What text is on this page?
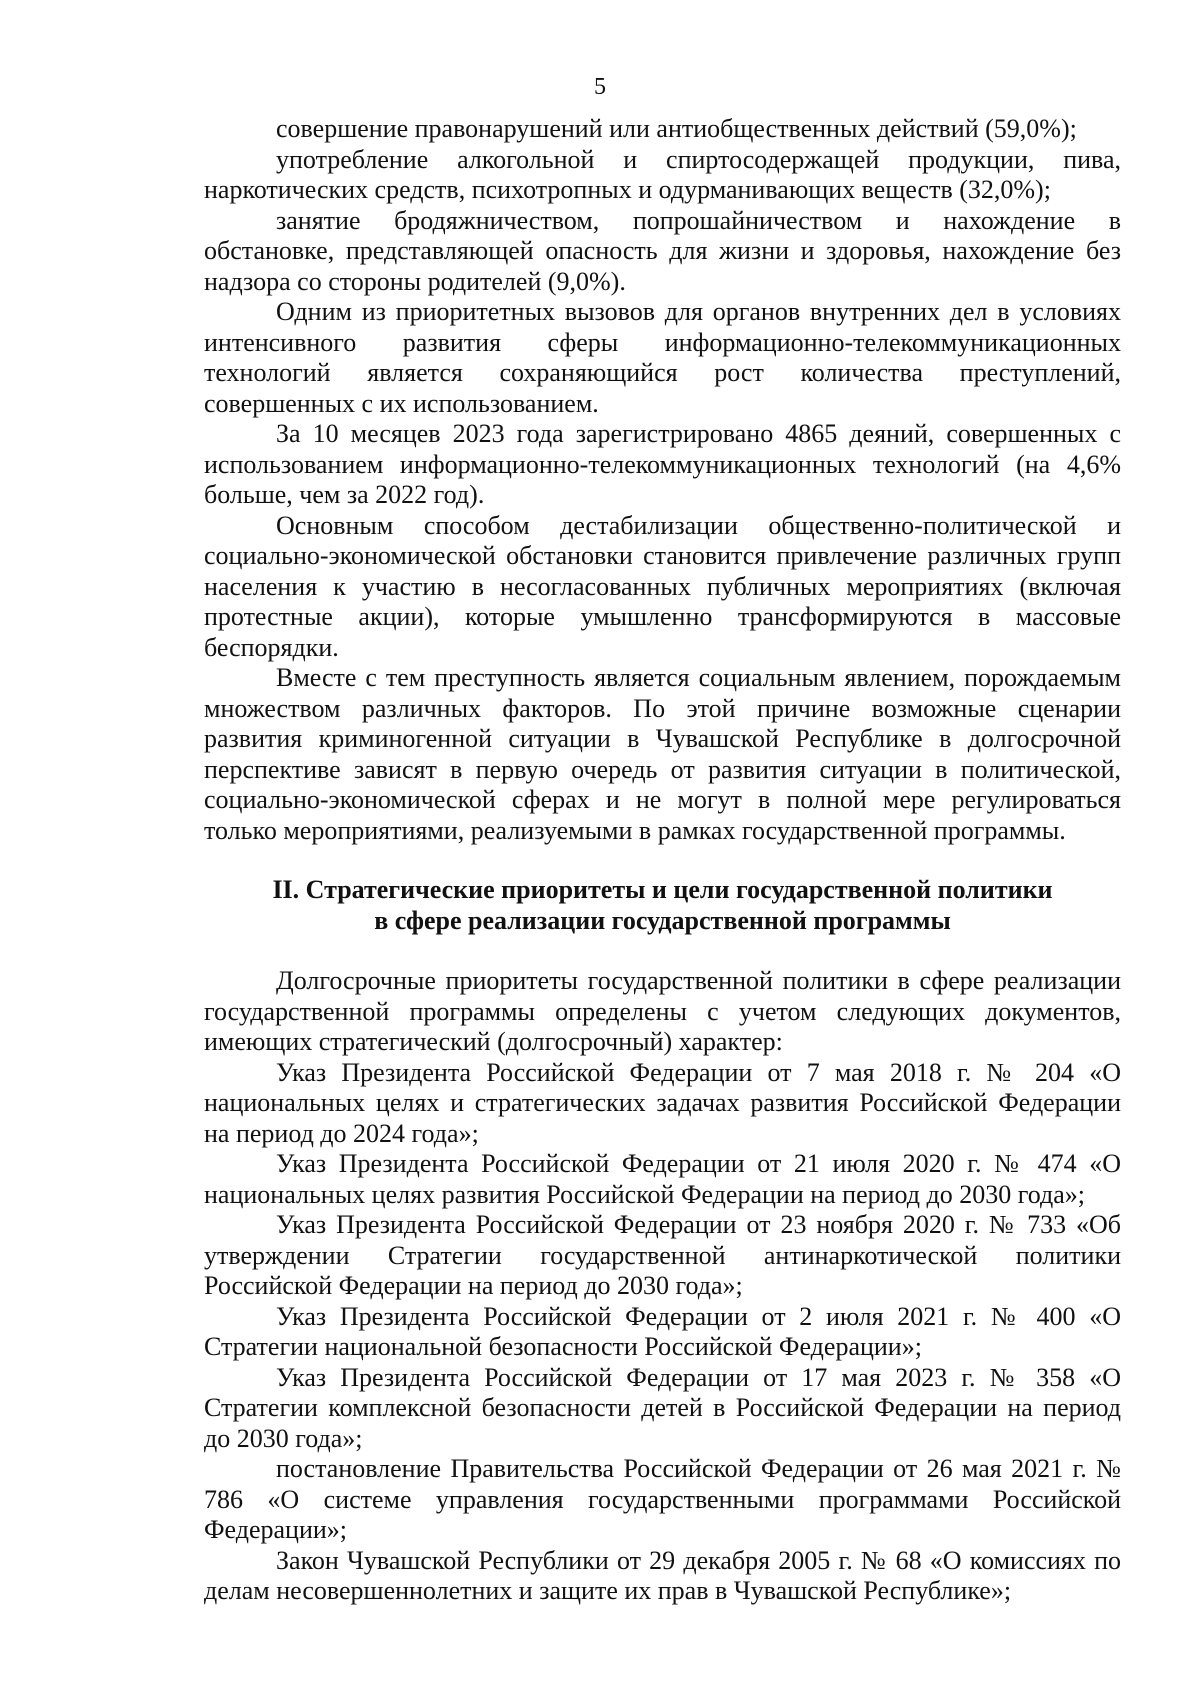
5

совершение правонарушений или антиобщественных действий (59,0%);

употребление алкогольной и спиртосодержащей продукции, пива, наркотических средств, психотропных и одурманивающих веществ (32,0%);

занятие бродяжничеством, попрошайничеством и нахождение в обстановке, представляющей опасность для жизни и здоровья, нахождение без надзора со стороны родителей (9,0%).

Одним из приоритетных вызовов для органов внутренних дел в условиях интенсивного развития сферы информационно-телекоммуникационных технологий является сохраняющийся рост количества преступлений, совершенных с их использованием.

За 10 месяцев 2023 года зарегистрировано 4865 деяний, совершенных с использованием информационно-телекоммуникационных технологий (на 4,6% больше, чем за 2022 год).

Основным способом дестабилизации общественно-политической и социально-экономической обстановки становится привлечение различных групп населения к участию в несогласованных публичных мероприятиях (включая протестные акции), которые умышленно трансформируются в массовые беспорядки.

Вместе с тем преступность является социальным явлением, порождаемым множеством различных факторов. По этой причине возможные сценарии развития криминогенной ситуации в Чувашской Республике в долгосрочной перспективе зависят в первую очередь от развития ситуации в политической, социально-экономической сферах и не могут в полной мере регулироваться только мероприятиями, реализуемыми в рамках государственной программы.

II. Стратегические приоритеты и цели государственной политики
в сфере реализации государственной программы

Долгосрочные приоритеты государственной политики в сфере реализации государственной программы определены с учетом следующих документов, имеющих стратегический (долгосрочный) характер:

Указ Президента Российской Федерации от 7 мая 2018 г. № 204 «О национальных целях и стратегических задачах развития Российской Федерации на период до 2024 года»;

Указ Президента Российской Федерации от 21 июля 2020 г. № 474 «О национальных целях развития Российской Федерации на период до 2030 года»;

Указ Президента Российской Федерации от 23 ноября 2020 г. № 733 «Об утверждении Стратегии государственной антинаркотической политики Российской Федерации на период до 2030 года»;

Указ Президента Российской Федерации от 2 июля 2021 г. № 400 «О Стратегии национальной безопасности Российской Федерации»;

Указ Президента Российской Федерации от 17 мая 2023 г. № 358 «О Стратегии комплексной безопасности детей в Российской Федерации на период до 2030 года»;

постановление Правительства Российской Федерации от 26 мая 2021 г. № 786 «О системе управления государственными программами Российской Федерации»;

Закон Чувашской Республики от 29 декабря 2005 г. № 68 «О комиссиях по делам несовершеннолетних и защите их прав в Чувашской Республике»;
